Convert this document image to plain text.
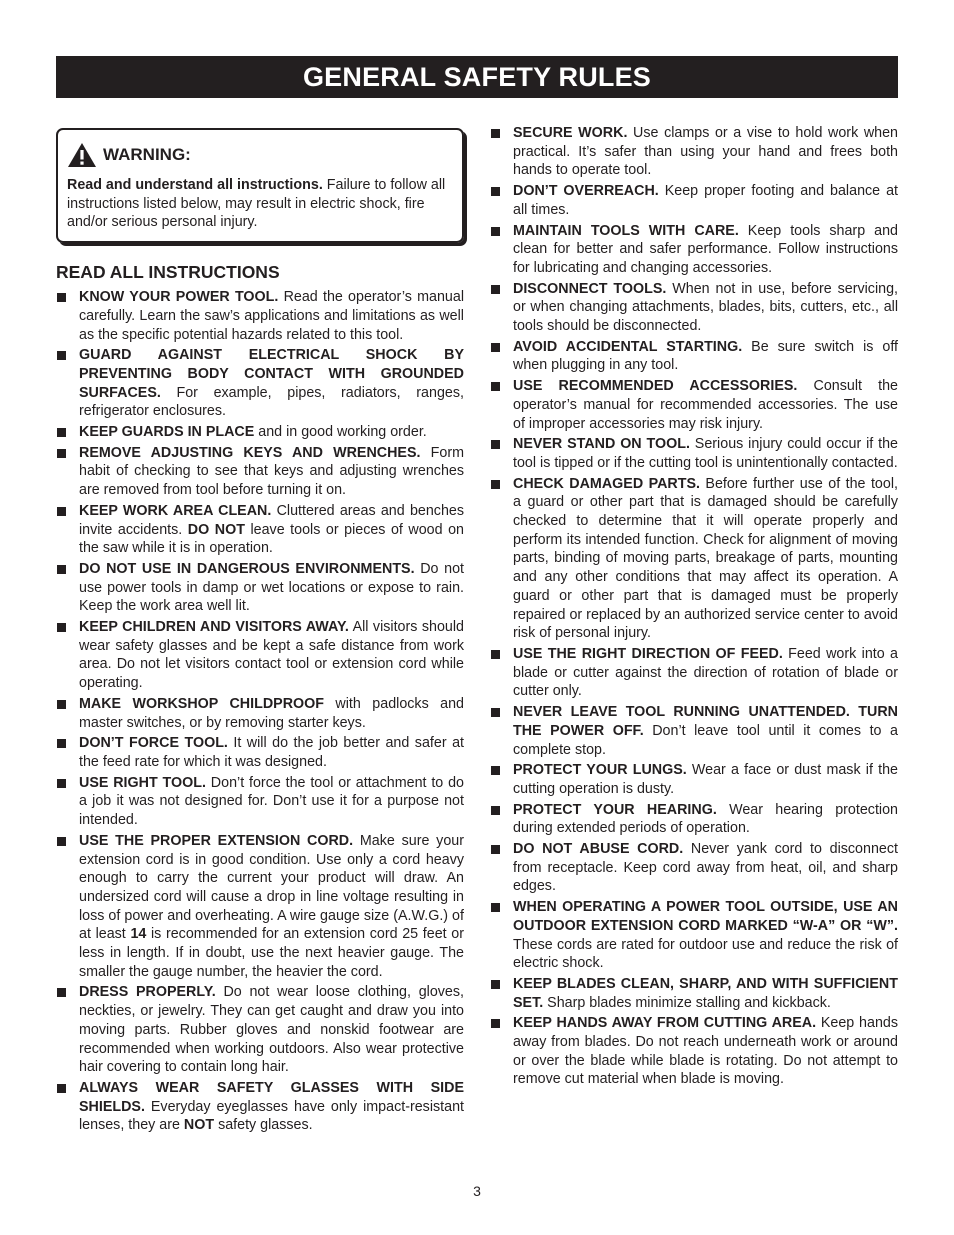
GENERAL SAFETY RULES
WARNING:
Read and understand all instructions. Failure to follow all instructions listed below, may result in electric shock, fire and/or serious personal injury.
READ ALL INSTRUCTIONS
KNOW YOUR POWER TOOL. Read the operator’s manual carefully. Learn the saw’s applications and limitations as well as the specific potential hazards related to this tool.
GUARD AGAINST ELECTRICAL SHOCK BY PREVENTING BODY CONTACT WITH GROUNDED SURFACES. For example, pipes, radiators, ranges, refrigerator enclosures.
KEEP GUARDS IN PLACE and in good working order.
REMOVE ADJUSTING KEYS AND WRENCHES. Form habit of checking to see that keys and adjusting wrenches are removed from tool before turning it on.
KEEP WORK AREA CLEAN. Cluttered areas and benches invite accidents. DO NOT leave tools or pieces of wood on the saw while it is in operation.
DO NOT USE IN DANGEROUS ENVIRONMENTS. Do not use power tools in damp or wet locations or expose to rain. Keep the work area well lit.
KEEP CHILDREN AND VISITORS AWAY. All visitors should wear safety glasses and be kept a safe distance from work area. Do not let visitors contact tool or extension cord while operating.
MAKE WORKSHOP CHILDPROOF with padlocks and master switches, or by removing starter keys.
DON’T FORCE TOOL. It will do the job better and safer at the feed rate for which it was designed.
USE RIGHT TOOL. Don’t force the tool or attachment to do a job it was not designed for. Don’t use it for a purpose not intended.
USE THE PROPER EXTENSION CORD. Make sure your extension cord is in good condition. Use only a cord heavy enough to carry the current your product will draw. An undersized cord will cause a drop in line voltage resulting in loss of power and overheating. A wire gauge size (A.W.G.) of at least 14 is recommended for an extension cord 25 feet or less in length. If in doubt, use the next heavier gauge. The smaller the gauge number, the heavier the cord.
DRESS PROPERLY. Do not wear loose clothing, gloves, neckties, or jewelry. They can get caught and draw you into moving parts. Rubber gloves and nonskid footwear are recommended when working outdoors. Also wear protective hair covering to contain long hair.
ALWAYS WEAR SAFETY GLASSES WITH SIDE SHIELDS. Everyday eyeglasses have only impact-resistant lenses, they are NOT safety glasses.
SECURE WORK. Use clamps or a vise to hold work when practical. It’s safer than using your hand and frees both hands to operate tool.
DON’T OVERREACH. Keep proper footing and balance at all times.
MAINTAIN TOOLS WITH CARE. Keep tools sharp and clean for better and safer performance. Follow instructions for lubricating and changing accessories.
DISCONNECT TOOLS. When not in use, before servicing, or when changing attachments, blades, bits, cutters, etc., all tools should be disconnected.
AVOID ACCIDENTAL STARTING. Be sure switch is off when plugging in any tool.
USE RECOMMENDED ACCESSORIES. Consult the operator’s manual for recommended accessories. The use of improper accessories may risk injury.
NEVER STAND ON TOOL. Serious injury could occur if the tool is tipped or if the cutting tool is unintentionally contacted.
CHECK DAMAGED PARTS. Before further use of the tool, a guard or other part that is damaged should be carefully checked to determine that it will operate properly and perform its intended function. Check for alignment of moving parts, binding of moving parts, breakage of parts, mounting and any other conditions that may affect its operation. A guard or other part that is damaged must be properly repaired or replaced by an authorized service center to avoid risk of personal injury.
USE THE RIGHT DIRECTION OF FEED. Feed work into a blade or cutter against the direction of rotation of blade or cutter only.
NEVER LEAVE TOOL RUNNING UNATTENDED. TURN THE POWER OFF. Don’t leave tool until it comes to a complete stop.
PROTECT YOUR LUNGS. Wear a face or dust mask if the cutting operation is dusty.
PROTECT YOUR HEARING. Wear hearing protection during extended periods of operation.
DO NOT ABUSE CORD. Never yank cord to disconnect from receptacle. Keep cord away from heat, oil, and sharp edges.
WHEN OPERATING A POWER TOOL OUTSIDE, USE AN OUTDOOR EXTENSION CORD MARKED “W-A” OR “W”. These cords are rated for outdoor use and reduce the risk of electric shock.
KEEP BLADES CLEAN, SHARP, AND WITH SUFFICIENT SET. Sharp blades minimize stalling and kickback.
KEEP HANDS AWAY FROM CUTTING AREA. Keep hands away from blades. Do not reach underneath work or around or over the blade while blade is rotating. Do not attempt to remove cut material when blade is moving.
3
